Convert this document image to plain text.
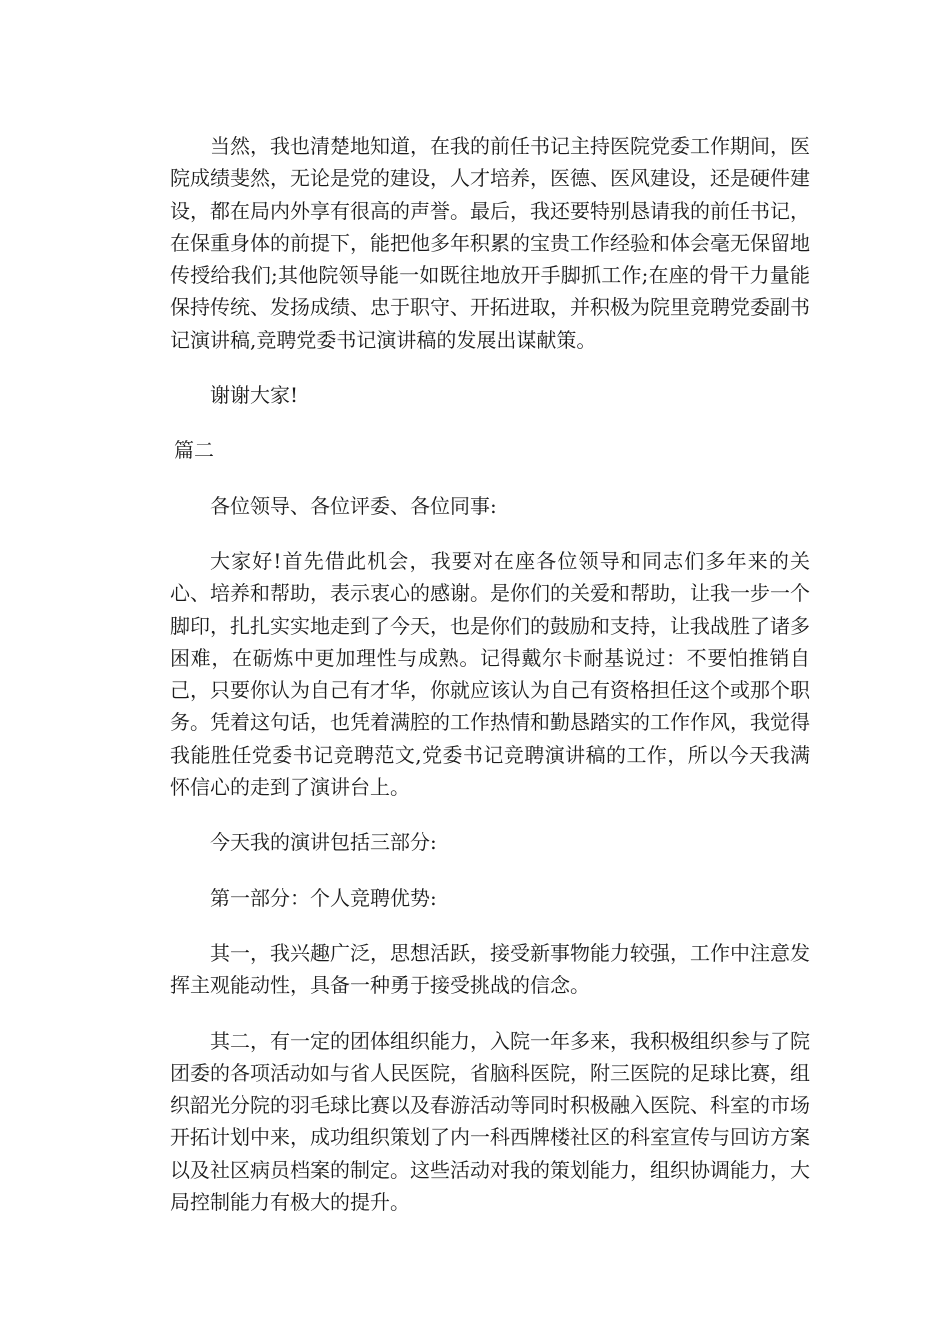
当然，我也清楚地知道，在我的前任书记主持医院党委工作期间，医院成绩斐然，无论是党的建设，人才培养，医德、医风建设，还是硬件建设，都在局内外享有很高的声誉。最后，我还要特别恳请我的前任书记，在保重身体的前提下，能把他多年积累的宝贵工作经验和体会毫无保留地传授给我们;其他院领导能一如既往地放开手脚抓工作;在座的骨干力量能保持传统、发扬成绩、忠于职守、开拓进取，并积极为院里竞聘党委副书记演讲稿,竞聘党委书记演讲稿的发展出谋献策。

谢谢大家!

篇二

各位领导、各位评委、各位同事:

大家好!首先借此机会，我要对在座各位领导和同志们多年来的关心、培养和帮助，表示衷心的感谢。是你们的关爱和帮助，让我一步一个脚印，扎扎实实地走到了今天，也是你们的鼓励和支持，让我战胜了诸多困难，在砺炼中更加理性与成熟。记得戴尔卡耐基说过：不要怕推销自己，只要你认为自己有才华，你就应该认为自己有资格担任这个或那个职务。凭着这句话，也凭着满腔的工作热情和勤恳踏实的工作作风，我觉得我能胜任党委书记竞聘范文,党委书记竞聘演讲稿的工作，所以今天我满怀信心的走到了演讲台上。

今天我的演讲包括三部分:

第一部分：个人竞聘优势:

其一，我兴趣广泛，思想活跃，接受新事物能力较强，工作中注意发挥主观能动性，具备一种勇于接受挑战的信念。

其二，有一定的团体组织能力，入院一年多来，我积极组织参与了院团委的各项活动如与省人民医院，省脑科医院，附三医院的足球比赛，组织韶光分院的羽毛球比赛以及春游活动等同时积极融入医院、科室的市场开拓计划中来，成功组织策划了内一科西牌楼社区的科室宣传与回访方案以及社区病员档案的制定。这些活动对我的策划能力，组织协调能力，大局控制能力有极大的提升。
